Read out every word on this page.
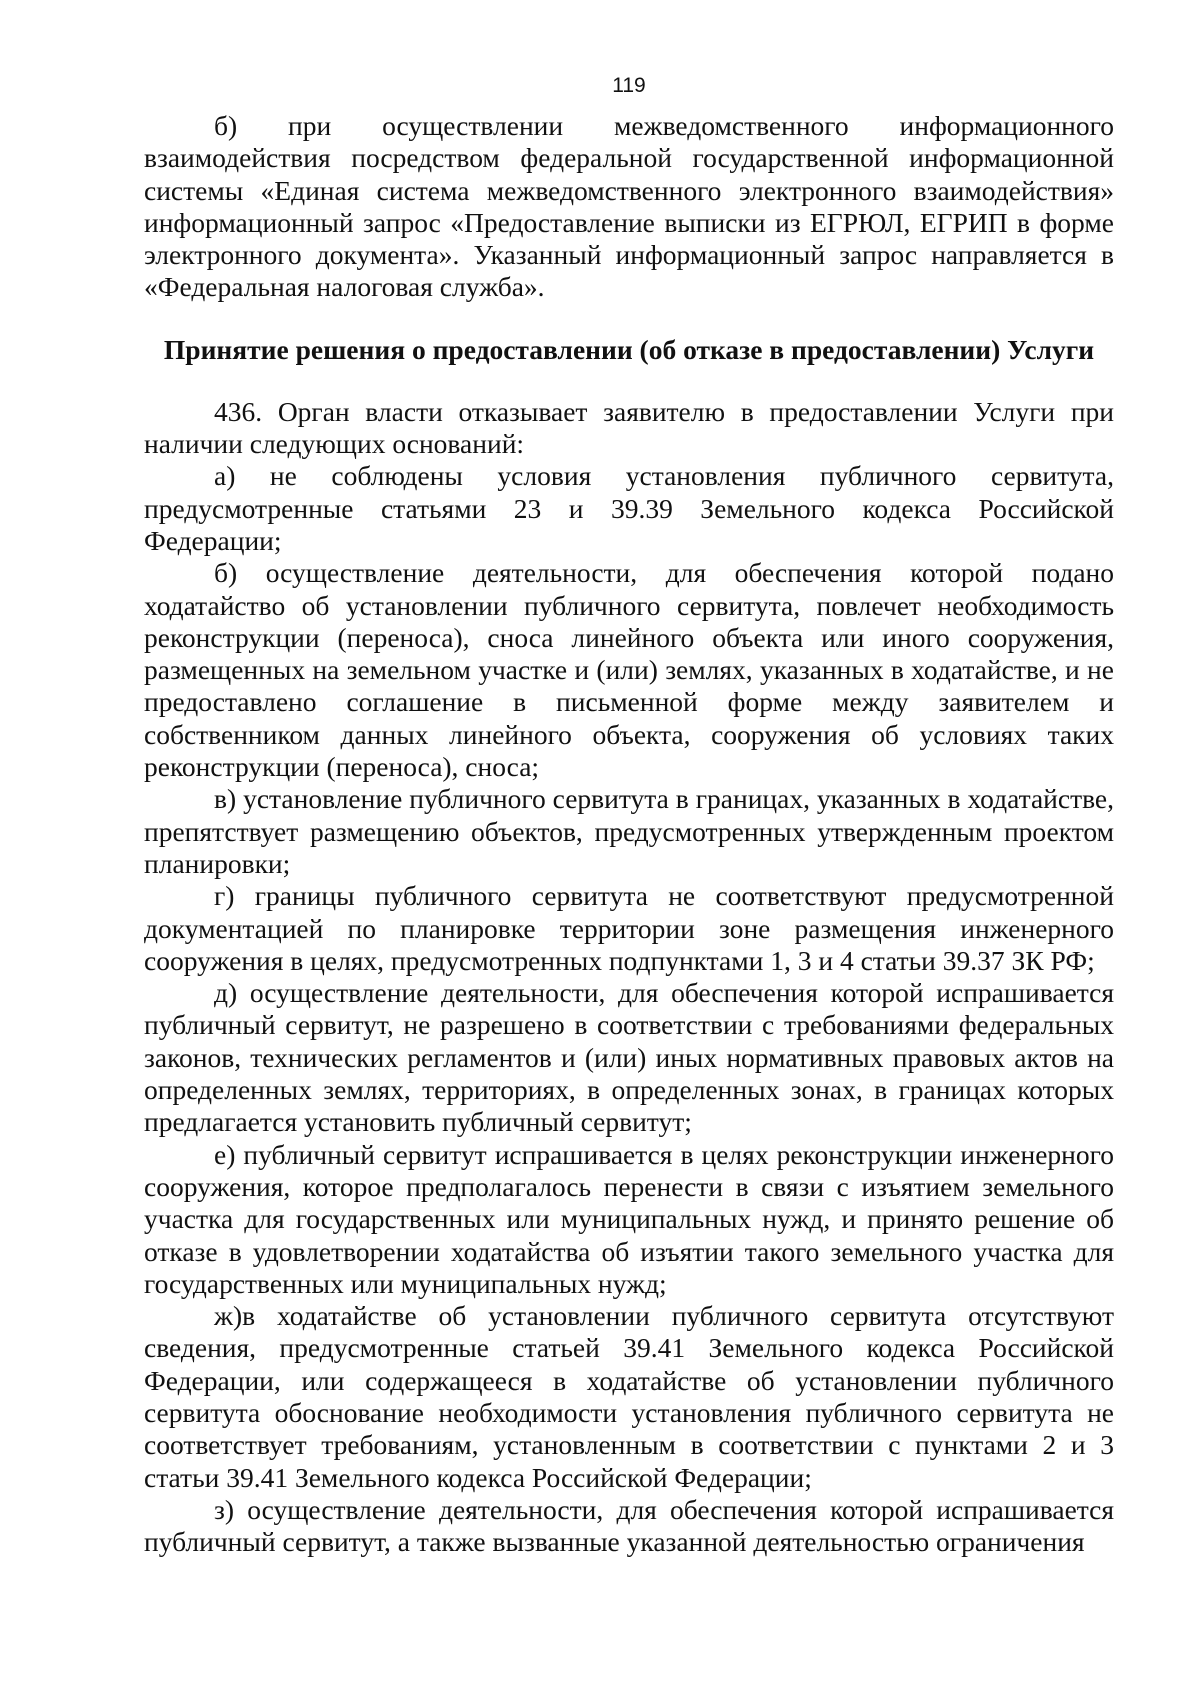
119

б) при осуществлении межведомственного информационного взаимодействия посредством федеральной государственной информационной системы «Единая система межведомственного электронного взаимодействия» информационный запрос «Предоставление выписки из ЕГРЮЛ, ЕГРИП в форме электронного документа». Указанный информационный запрос направляется в «Федеральная налоговая служба».

Принятие решения о предоставлении (об отказе в предоставлении) Услуги

436. Орган власти отказывает заявителю в предоставлении Услуги при наличии следующих оснований:

а) не соблюдены условия установления публичного сервитута, предусмотренные статьями 23 и 39.39 Земельного кодекса Российской Федерации;

б) осуществление деятельности, для обеспечения которой подано ходатайство об установлении публичного сервитута, повлечет необходимость реконструкции (переноса), сноса линейного объекта или иного сооружения, размещенных на земельном участке и (или) землях, указанных в ходатайстве, и не предоставлено соглашение в письменной форме между заявителем и собственником данных линейного объекта, сооружения об условиях таких реконструкции (переноса), сноса;

в) установление публичного сервитута в границах, указанных в ходатайстве, препятствует размещению объектов, предусмотренных утвержденным проектом планировки;

г) границы публичного сервитута не соответствуют предусмотренной документацией по планировке территории зоне размещения инженерного сооружения в целях, предусмотренных подпунктами 1, 3 и 4 статьи 39.37 ЗК РФ;

д) осуществление деятельности, для обеспечения которой испрашивается публичный сервитут, не разрешено в соответствии с требованиями федеральных законов, технических регламентов и (или) иных нормативных правовых актов на определенных землях, территориях, в определенных зонах, в границах которых предлагается установить публичный сервитут;

е) публичный сервитут испрашивается в целях реконструкции инженерного сооружения, которое предполагалось перенести в связи с изъятием земельного участка для государственных или муниципальных нужд, и принято решение об отказе в удовлетворении ходатайства об изъятии такого земельного участка для государственных или муниципальных нужд;

ж)в ходатайстве об установлении публичного сервитута отсутствуют сведения, предусмотренные статьей 39.41 Земельного кодекса Российской Федерации, или содержащееся в ходатайстве об установлении публичного сервитута обоснование необходимости установления публичного сервитута не соответствует требованиям, установленным в соответствии с пунктами 2 и 3 статьи 39.41 Земельного кодекса Российской Федерации;

з) осуществление деятельности, для обеспечения которой испрашивается публичный сервитут, а также вызванные указанной деятельностью ограничения
